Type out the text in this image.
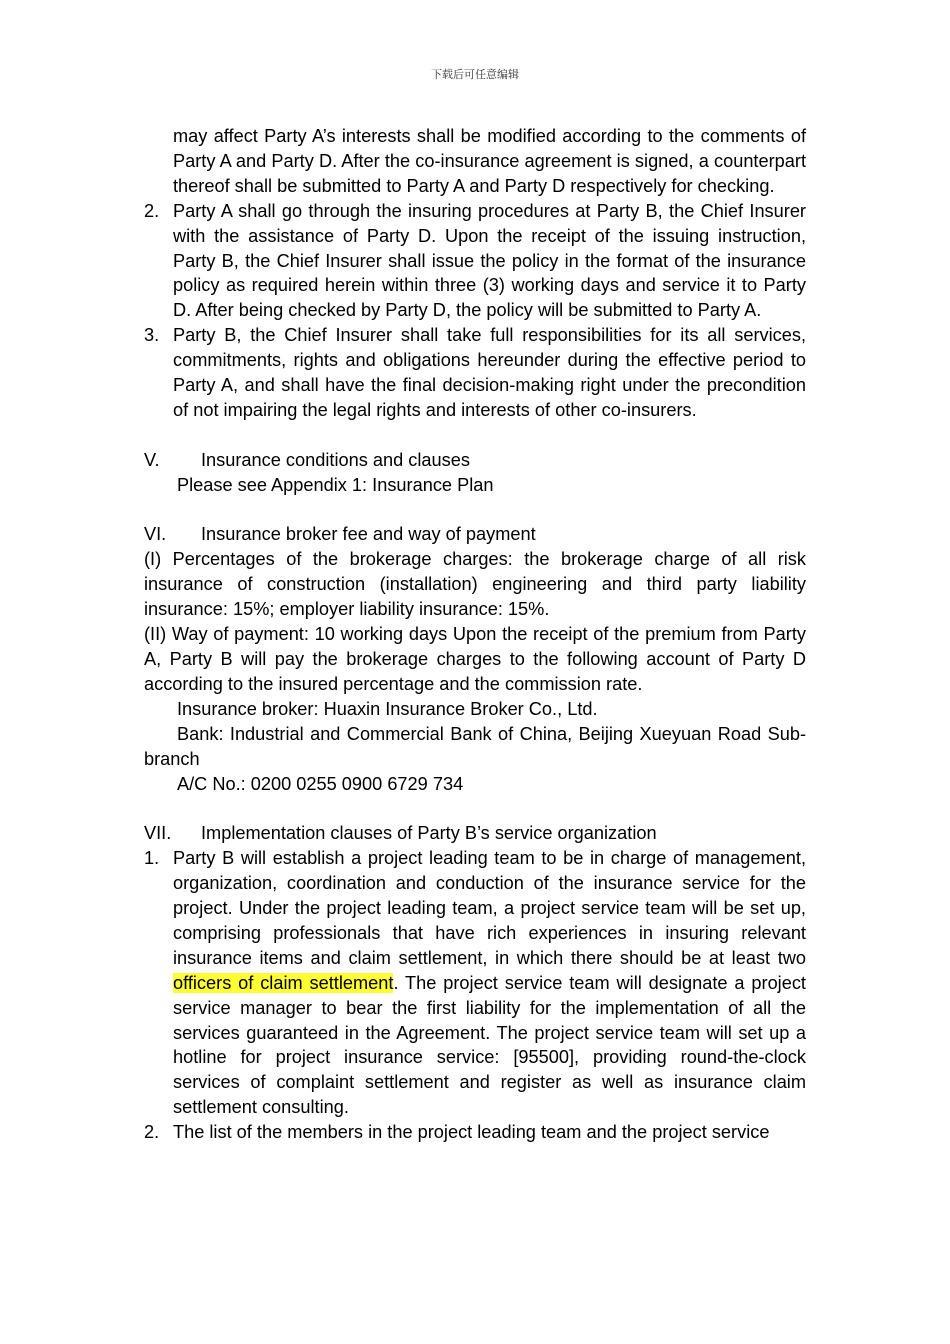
下载后可任意编辑

may affect Party A’s interests shall be modified according to the comments of Party A and Party D. After the co-insurance agreement is signed, a counterpart thereof shall be submitted to Party A and Party D respectively for checking.

2. Party A shall go through the insuring procedures at Party B, the Chief Insurer with the assistance of Party D. Upon the receipt of the issuing instruction, Party B, the Chief Insurer shall issue the policy in the format of the insurance policy as required herein within three (3) working days and service it to Party D. After being checked by Party D, the policy will be submitted to Party A.

3. Party B, the Chief Insurer shall take full responsibilities for its all services, commitments, rights and obligations hereunder during the effective period to Party A, and shall have the final decision-making right under the precondition of not impairing the legal rights and interests of other co-insurers.

V. Insurance conditions and clauses

Please see Appendix 1: Insurance Plan

VI. Insurance broker fee and way of payment

(I) Percentages of the brokerage charges: the brokerage charge of all risk insurance of construction (installation) engineering and third party liability insurance: 15%; employer liability insurance: 15%.

(II) Way of payment: 10 working days Upon the receipt of the premium from Party A, Party B will pay the brokerage charges to the following account of Party D according to the insured percentage and the commission rate.

Insurance broker: Huaxin Insurance Broker Co., Ltd.

Bank: Industrial and Commercial Bank of China, Beijing Xueyuan Road Sub-branch

A/C No.: 0200 0255 0900 6729 734

VII. Implementation clauses of Party B’s service organization

1. Party B will establish a project leading team to be in charge of management, organization, coordination and conduction of the insurance service for the project. Under the project leading team, a project service team will be set up, comprising professionals that have rich experiences in insuring relevant insurance items and claim settlement, in which there should be at least two officers of claim settlement. The project service team will designate a project service manager to bear the first liability for the implementation of all the services guaranteed in the Agreement. The project service team will set up a hotline for project insurance service: [95500], providing round-the-clock services of complaint settlement and register as well as insurance claim settlement consulting.

2. The list of the members in the project leading team and the project service
